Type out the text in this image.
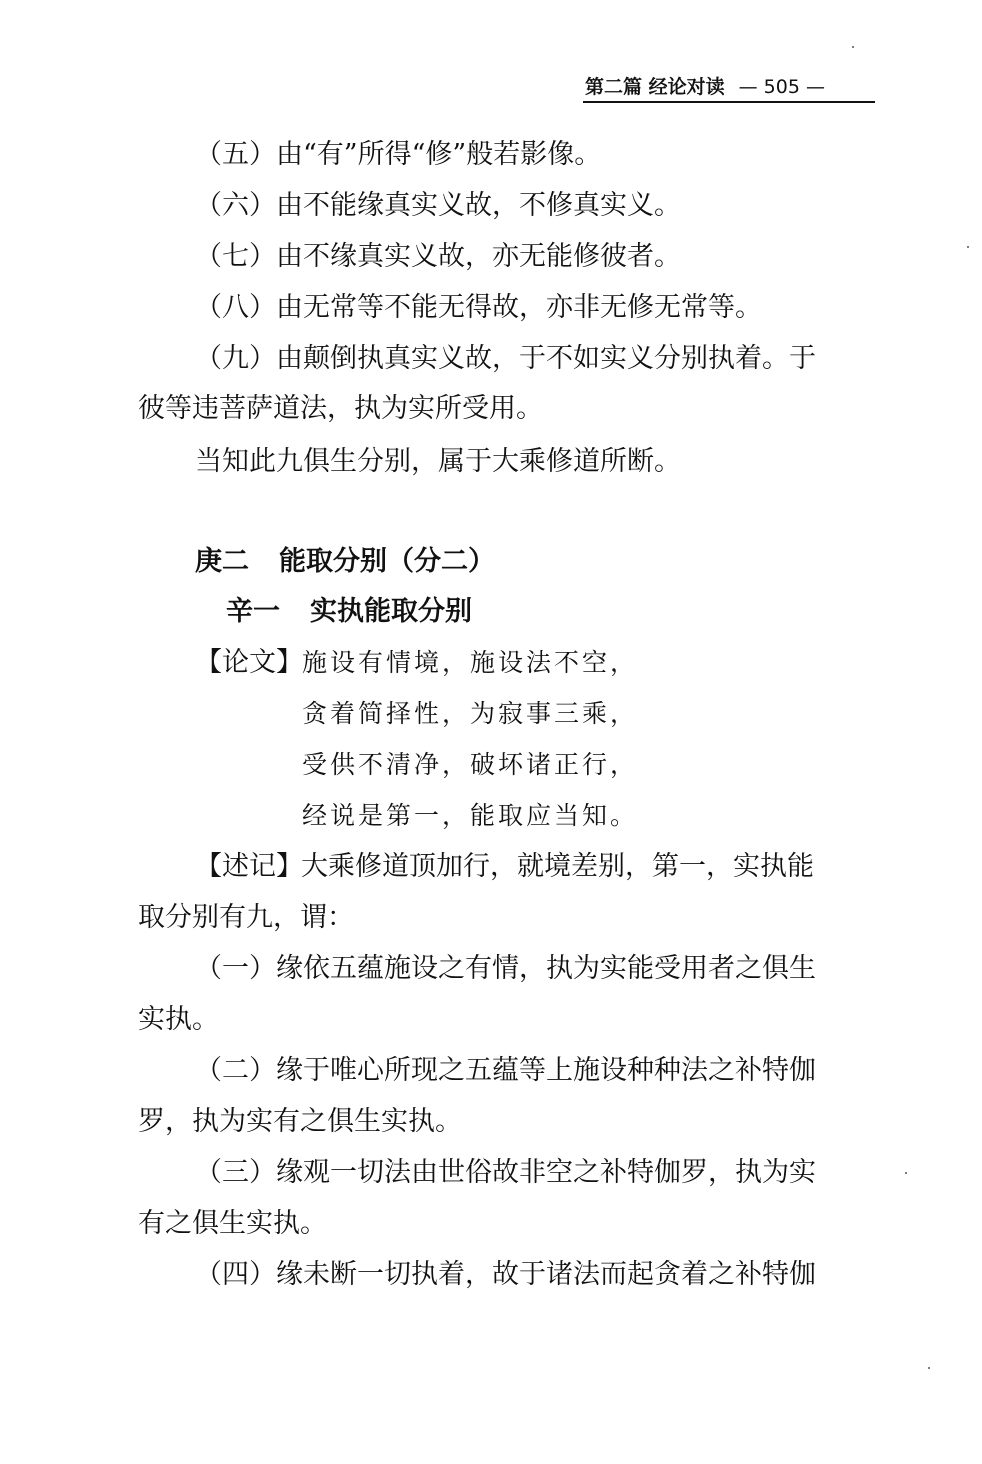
第二篇 经论对读 — 505 —
（五）由“有”所得“修”般若影像。
（六）由不能缘真实义故，不修真实义。
（七）由不缘真实义故，亦无能修彼者。
（八）由无常等不能无得故，亦非无修无常等。
（九）由颠倒执真实义故，于不如实义分别执着。于
彼等违菩萨道法，执为实所受用。
当知此九俱生分别，属于大乘修道所断。
庚二 能取分别（分二）
辛一 实执能取分别
【论文】 施设有情境，施设法不空，
贪着简择性，为寂事三乘，
受供不清净，破坏诸正行，
经说是第一，能取应当知。
【述记】
大乘修道顶加行，就境差别，第一，实执能
取分别有九，谓：
（一）缘依五蕴施设之有情，执为实能受用者之俱生
实执。
（二）缘于唯心所现之五蕴等上施设种种法之补特伽
罗，执为实有之俱生实执。
（三）缘观一切法由世俗故非空之补特伽罗，执为实
有之俱生实执。
（四）缘未断一切执着，故于诸法而起贪着之补特伽
